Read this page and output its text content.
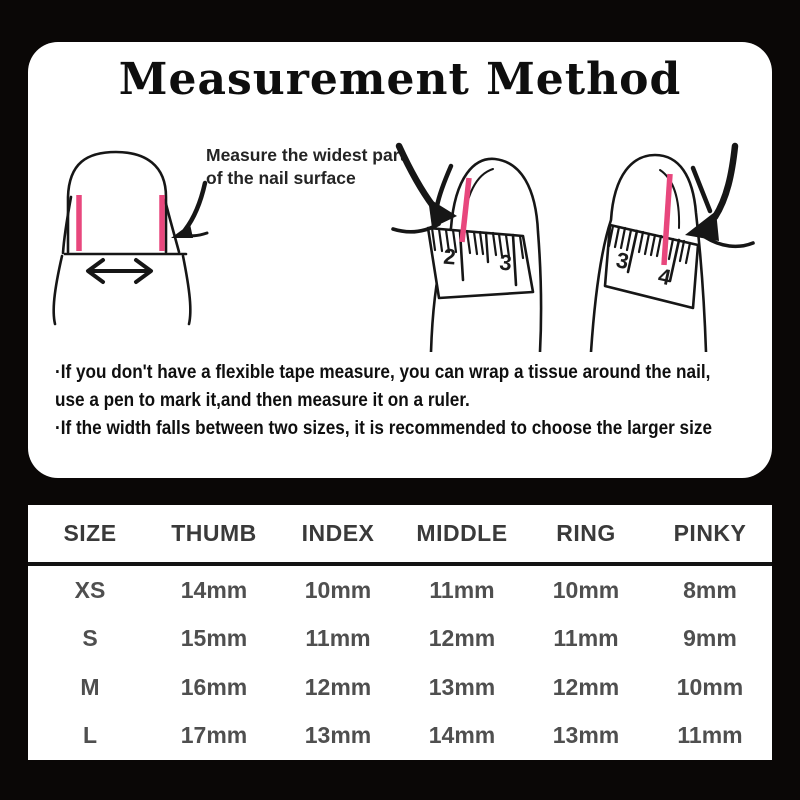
Measurement Method
Measure the widest part
of the nail surface
2 3	3
4
·If you don't have a flexible tape measure, you can wrap a tissue around the nail,
use a pen to mark it,and then measure it on a ruler.
·If the width falls between two sizes, it is recommended to choose the larger size
SIZE	THUMB	INDEX	MIDDLE	RING	PINKY
XS	14mm	10mm	11mm	10mm	8mm
S	15mm	11mm	12mm	11mm	9mm
M	16mm	12mm	13mm	12mm	10mm
L	17mm	13mm	14mm	13mm	11mm
